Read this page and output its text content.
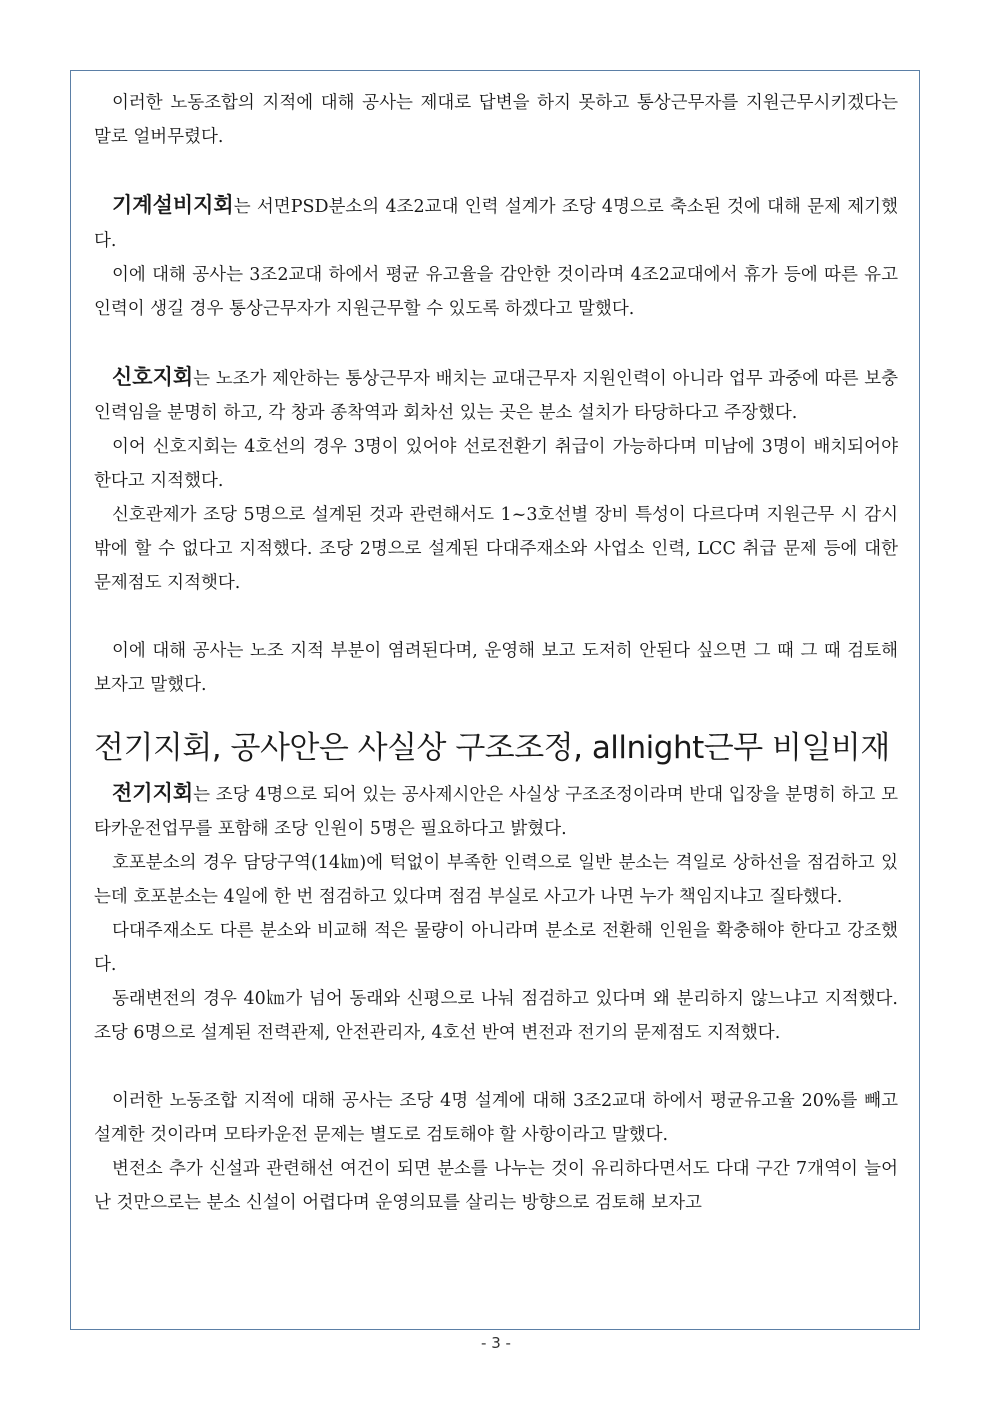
이러한 노동조합의 지적에 대해 공사는 제대로 답변을 하지 못하고 통상근무자를 지원근무시키겠다는 말로 얼버무렸다.

기계설비지회는 서면PSD분소의 4조2교대 인력 설계가 조당 4명으로 축소된 것에 대해 문제 제기했다.

이에 대해 공사는 3조2교대 하에서 평균 유고율을 감안한 것이라며 4조2교대에서 휴가 등에 따른 유고인력이 생길 경우 통상근무자가 지원근무할 수 있도록 하겠다고 말했다.

신호지회는 노조가 제안하는 통상근무자 배치는 교대근무자 지원인력이 아니라 업무 과중에 따른 보충인력임을 분명히 하고, 각 창과 종착역과 회차선 있는 곳은 분소 설치가 타당하다고 주장했다.

이어 신호지회는 4호선의 경우 3명이 있어야 선로전환기 취급이 가능하다며 미남에 3명이 배치되어야 한다고 지적했다.

신호관제가 조당 5명으로 설계된 것과 관련해서도 1~3호선별 장비 특성이 다르다며 지원근무 시 감시밖에 할 수 없다고 지적했다. 조당 2명으로 설계된 다대주재소와 사업소 인력, LCC 취급 문제 등에 대한 문제점도 지적햇다.

이에 대해 공사는 노조 지적 부분이 염려된다며, 운영해 보고 도저히 안된다 싶으면 그 때 그 때 검토해 보자고 말했다.

전기지회, 공사안은 사실상 구조조정, allnight근무 비일비재

전기지회는 조당 4명으로 되어 있는 공사제시안은 사실상 구조조정이라며 반대 입장을 분명히 하고 모타카운전업무를 포함해 조당 인원이 5명은 필요하다고 밝혔다.

호포분소의 경우 담당구역(14㎞)에 턱없이 부족한 인력으로 일반 분소는 격일로 상하선을 점검하고 있는데 호포분소는 4일에 한 번 점검하고 있다며 점검 부실로 사고가 나면 누가 책임지냐고 질타했다.

다대주재소도 다른 분소와 비교해 적은 물량이 아니라며 분소로 전환해 인원을 확충해야 한다고 강조했다.

동래변전의 경우 40㎞가 넘어 동래와 신평으로 나눠 점검하고 있다며 왜 분리하지 않느냐고 지적했다. 조당 6명으로 설계된 전력관제, 안전관리자, 4호선 반여 변전과 전기의 문제점도 지적했다.

이러한 노동조합 지적에 대해 공사는 조당 4명 설계에 대해 3조2교대 하에서 평균유고율 20%를 빼고 설계한 것이라며 모타카운전 문제는 별도로 검토해야 할 사항이라고 말했다.

변전소 추가 신설과 관련해선 여건이 되면 분소를 나누는 것이 유리하다면서도 다대 구간 7개역이 늘어난 것만으로는 분소 신설이 어렵다며 운영의묘를 살리는 방향으로 검토해 보자고

- 3 -
